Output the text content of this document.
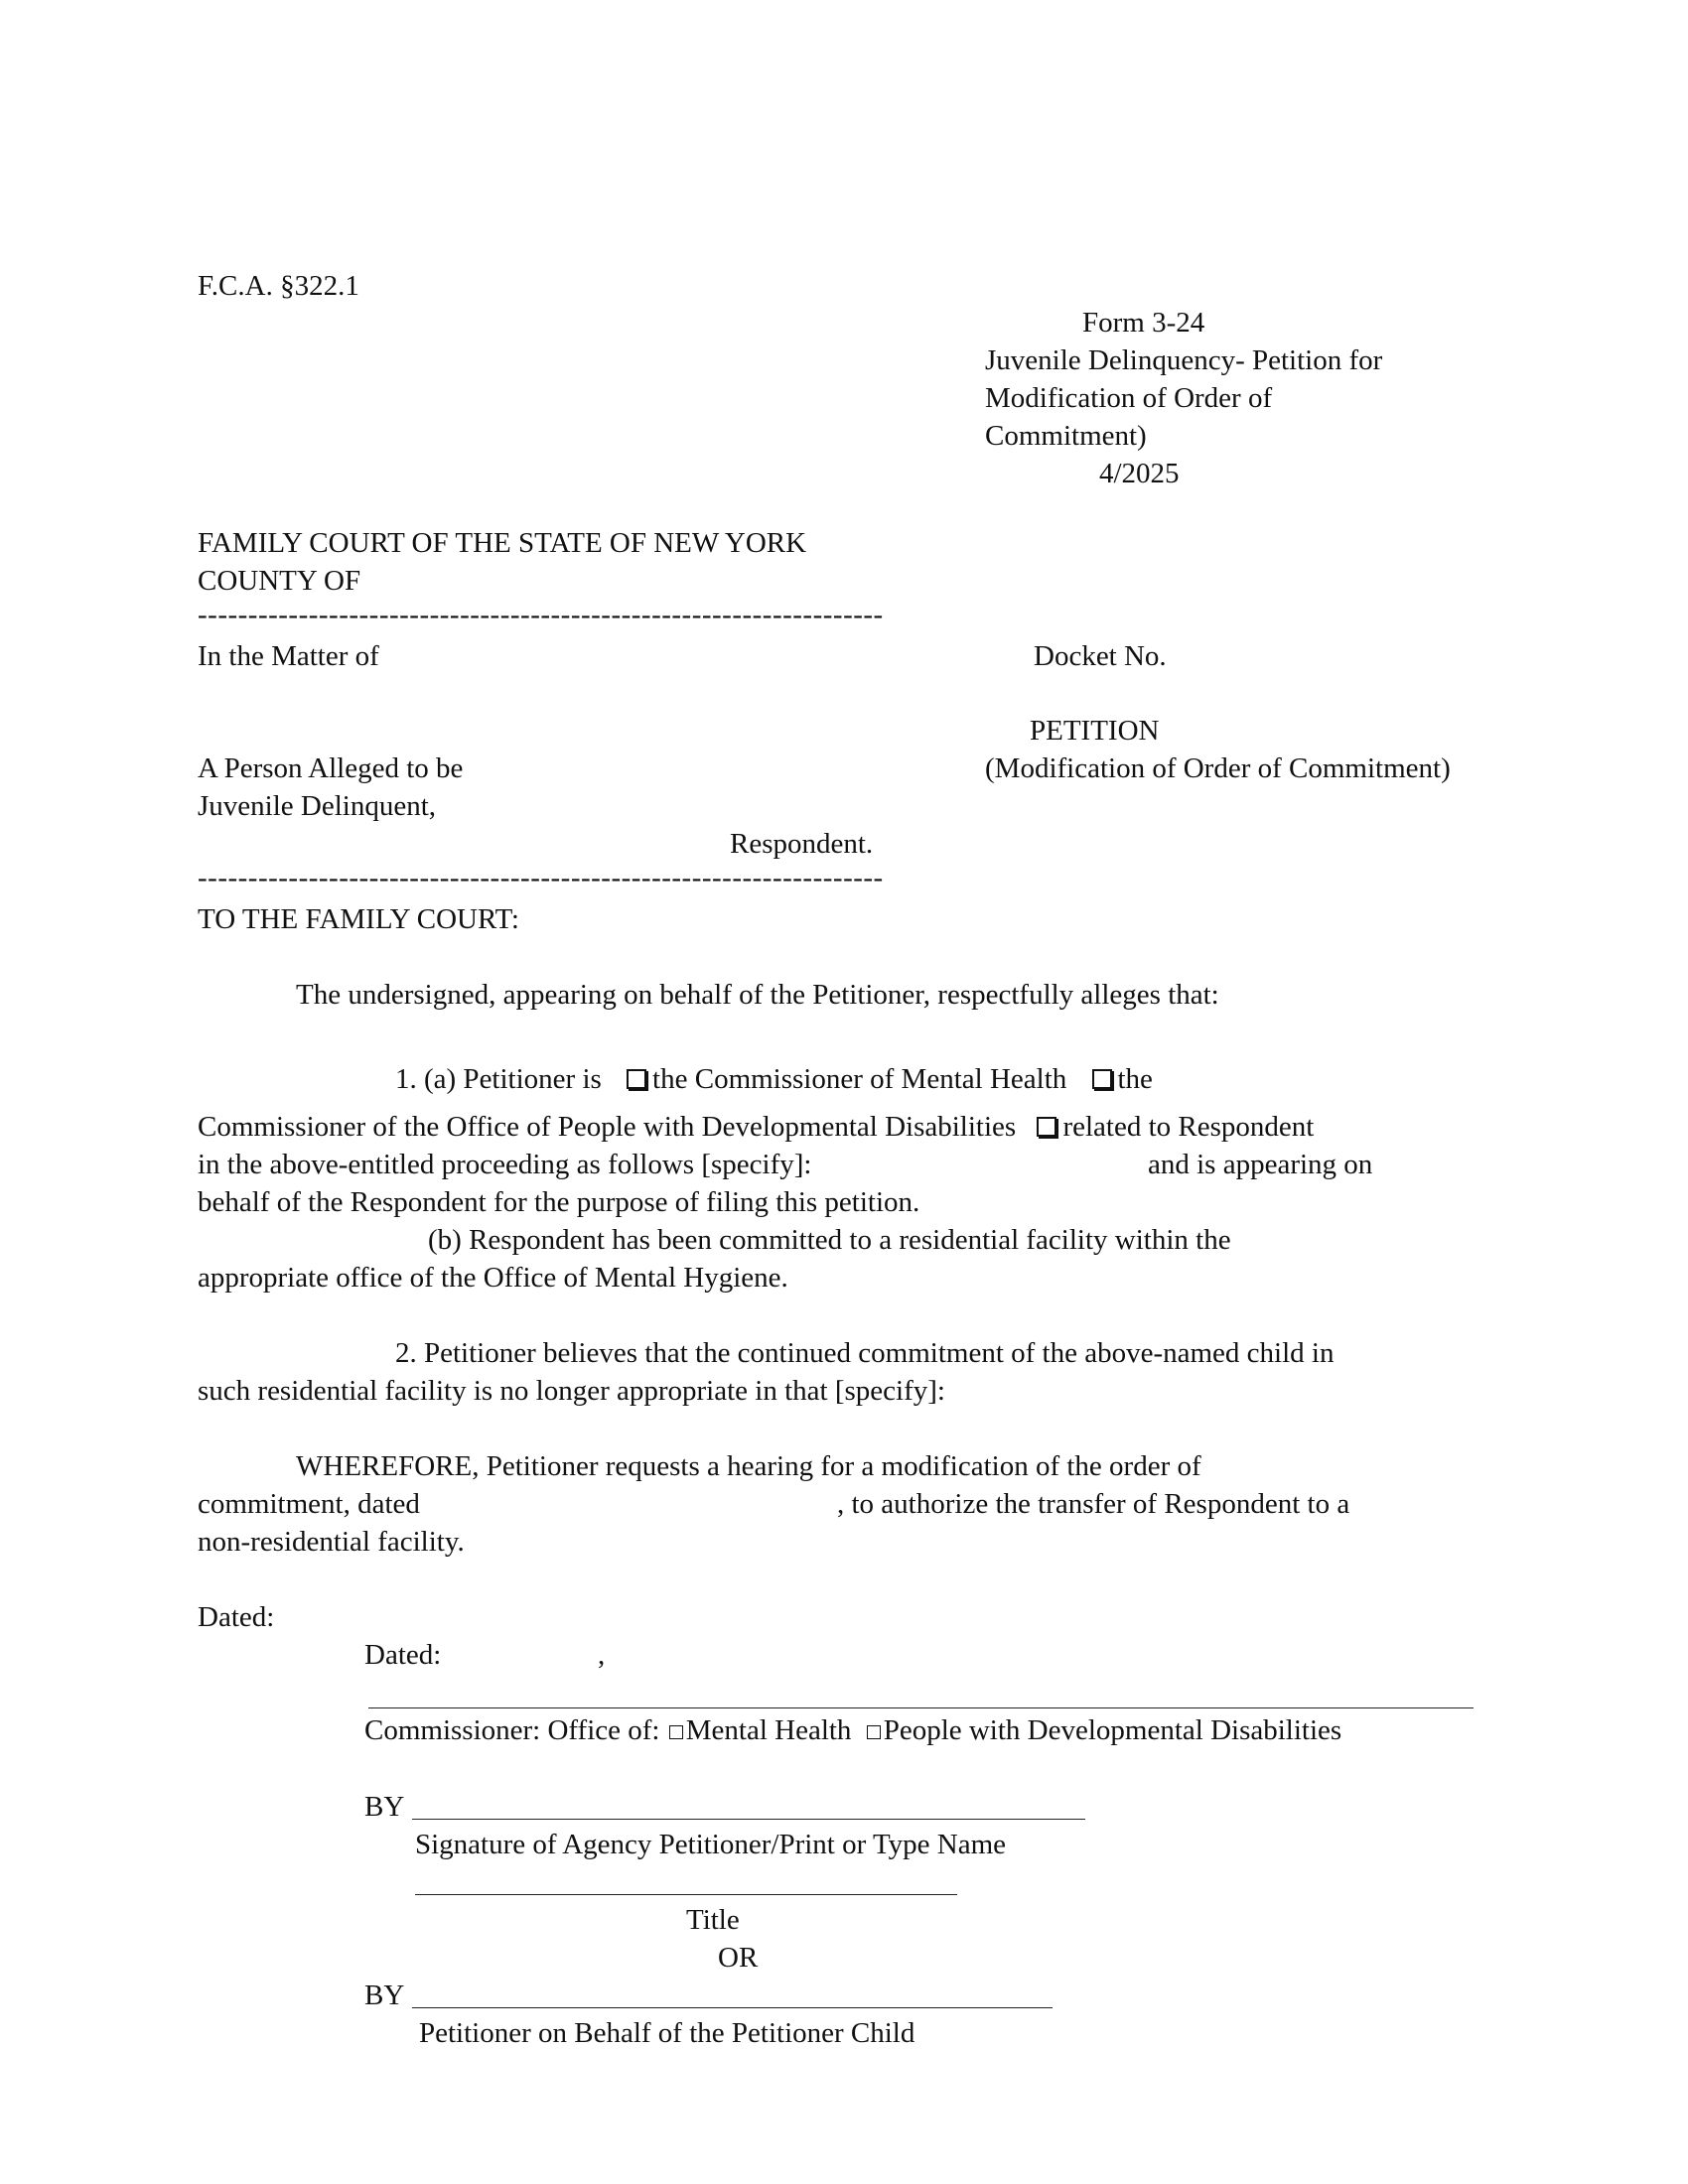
F.C.A. §322.1
Form 3-24
Juvenile Delinquency- Petition for
Modification of Order of
Commitment)
4/2025
FAMILY COURT OF THE STATE OF NEW YORK
COUNTY OF
--------------------------------------------------------------------
In the Matter of	Docket No.
PETITION
A Person Alleged to be	(Modification of Order of Commitment)
Juvenile Delinquent,
Respondent.
--------------------------------------------------------------------
TO THE FAMILY COURT:
The undersigned, appearing on behalf of the Petitioner, respectfully alleges that:
1. (a) Petitioner is the Commissioner of Mental Health the
Commissioner of the Office of People with Developmental Disabilities related to Respondent
in the above-entitled proceeding as follows [specify]:	and is appearing on
behalf of the Respondent for the purpose of filing this petition.
(b) Respondent has been committed to a residential facility within the
appropriate office of the Office of Mental Hygiene.
2. Petitioner believes that the continued commitment of the above-named child in
such residential facility is no longer appropriate in that [specify]:
WHEREFORE, Petitioner requests a hearing for a modification of the order of
commitment, dated	, to authorize the transfer of Respondent to a
non-residential facility.
Dated:
Dated:	,
Commissioner: Office of: Mental Health People with Developmental Disabilities
BY
Signature of Agency Petitioner/Print or Type Name
Title
OR
BY
Petitioner on Behalf of the Petitioner Child
